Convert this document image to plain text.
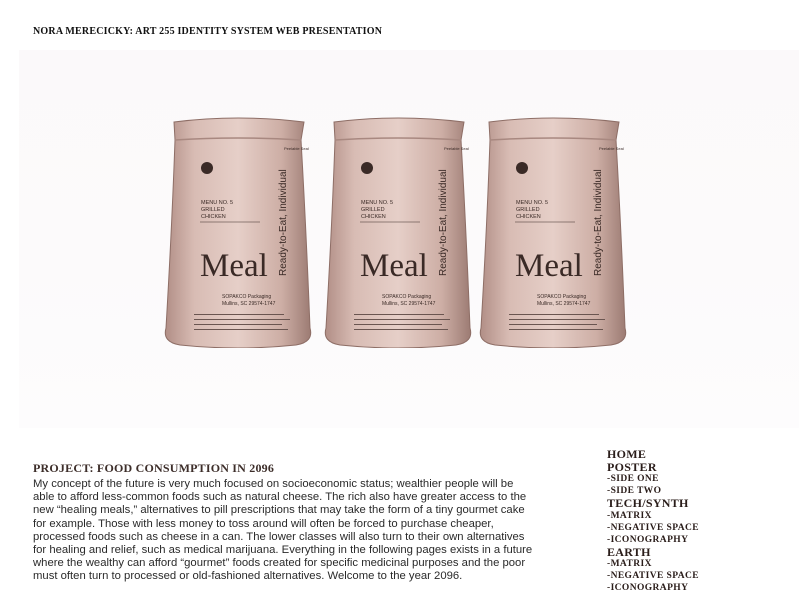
NORA MERECICKY: ART 255 IDENTITY SYSTEM WEB PRESENTATION
Peelable Seal
MENU NO. 5
GRILLED
CHICKEN
Meal Ready-to-Eat, Individual
SOPAKCO Packaging
Mullins, SC 29574-1747
Peelable Seal
MENU NO. 5
GRILLED
CHICKEN
Meal Ready-to-Eat, Individual
SOPAKCO Packaging
Mullins, SC 29574-1747
Peelable Seal
MENU NO. 5
GRILLED
CHICKEN
Meal Ready-to-Eat, Individual
SOPAKCO Packaging
Mullins, SC 29574-1747
PROJECT: FOOD CONSUMPTION IN 2096

My concept of the future is very much focused on socioeconomic status; wealthier people will be able to afford less-common foods such as natural cheese. The rich also have greater access to the new “healing meals,” alternatives to pill prescriptions that may take the form of a tiny gourmet cake for example. Those with less money to toss around will often be forced to purchase cheaper, processed foods such as cheese in a can. The lower classes will also turn to their own alternatives for healing and relief, such as medical marijuana. Everything in the following pages exists in a future where the wealthy can afford “gourmet” foods created for specific medicinal purposes and the poor must often turn to processed or old-fashioned alternatives. Welcome to the year 2096.

HOME
POSTER
-SIDE ONE
-SIDE TWO
TECH/SYNTH
-MATRIX
-NEGATIVE SPACE
-ICONOGRAPHY
EARTH
-MATRIX
-NEGATIVE SPACE
-ICONOGRAPHY
